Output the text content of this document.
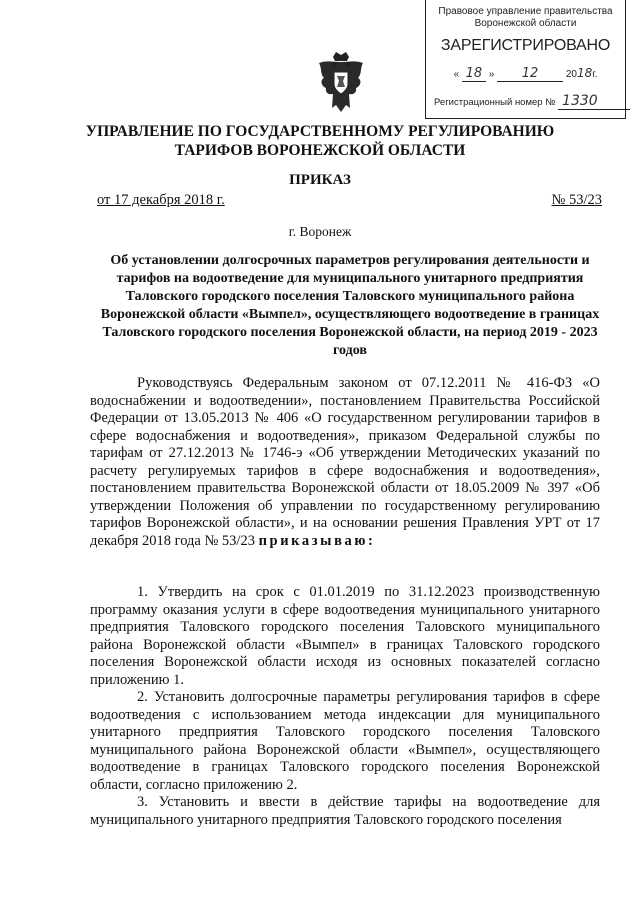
Правовое управление правительства
Воронежской области
ЗАРЕГИСТРИРОВАНО
« 18 » 12	2018г.
Регистрационный номер № 1330
УПРАВЛЕНИЕ ПО ГОСУДАРСТВЕННОМУ РЕГУЛИРОВАНИЮ
ТАРИФОВ ВОРОНЕЖСКОЙ ОБЛАСТИ
ПРИКАЗ
от 17 декабря 2018 г.	№ 53/23
г. Воронеж
Об установлении долгосрочных параметров регулирования деятельности и тарифов на водоотведение для муниципального унитарного предприятия Таловского городского поселения Таловского муниципального района Воронежской области «Вымпел», осуществляющего водоотведение в границах Таловского городского поселения Воронежской области, на период 2019 - 2023 годов

Руководствуясь Федеральным законом от 07.12.2011 № 416-ФЗ «О водоснабжении и водоотведении», постановлением Правительства Российской Федерации от 13.05.2013 № 406 «О государственном регулировании тарифов в сфере водоснабжения и водоотведения», приказом Федеральной службы по тарифам от 27.12.2013 № 1746-э «Об утверждении Методических указаний по расчету регулируемых тарифов в сфере водоснабжения и водоотведения», постановлением правительства Воронежской области от 18.05.2009 № 397 «Об утверждении Положения об управлении по государственному регулированию тарифов Воронежской области», и на основании решения Правления УРТ от 17 декабря 2018 года № 53/23 приказываю:

1. Утвердить на срок с 01.01.2019 по 31.12.2023 производственную программу оказания услуги в сфере водоотведения муниципального унитарного предприятия Таловского городского поселения Таловского муниципального района Воронежской области «Вымпел» в границах Таловского городского поселения Воронежской области исходя из основных показателей согласно приложению 1.

2. Установить долгосрочные параметры регулирования тарифов в сфере водоотведения с использованием метода индексации для муниципального унитарного предприятия Таловского городского поселения Таловского муниципального района Воронежской области «Вымпел», осуществляющего водоотведение в границах Таловского городского поселения Воронежской области, согласно приложению 2.

3. Установить и ввести в действие тарифы на водоотведение для муниципального унитарного предприятия Таловского городского поселения
